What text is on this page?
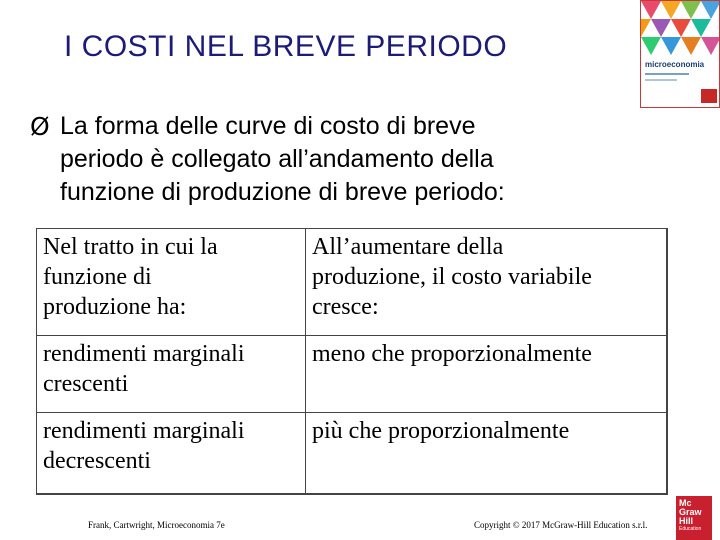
I COSTI NEL BREVE PERIODO
microeconomia
Ø La forma delle curve di costo di breve
periodo è collegato all’andamento della
funzione di produzione di breve periodo:
Nel tratto in cui la
funzione di
produzione ha:	All’aumentare della
produzione, il costo variabile
cresce:

rendimenti marginali
crescenti	meno che proporzionalmente

rendimenti marginali
decrescenti	più che proporzionalmente
Frank, Cartwright, Microeconomia 7e	Copyright © 2017 McGraw-Hill Education s.r.l.
Mc
Graw
Hill
Education
